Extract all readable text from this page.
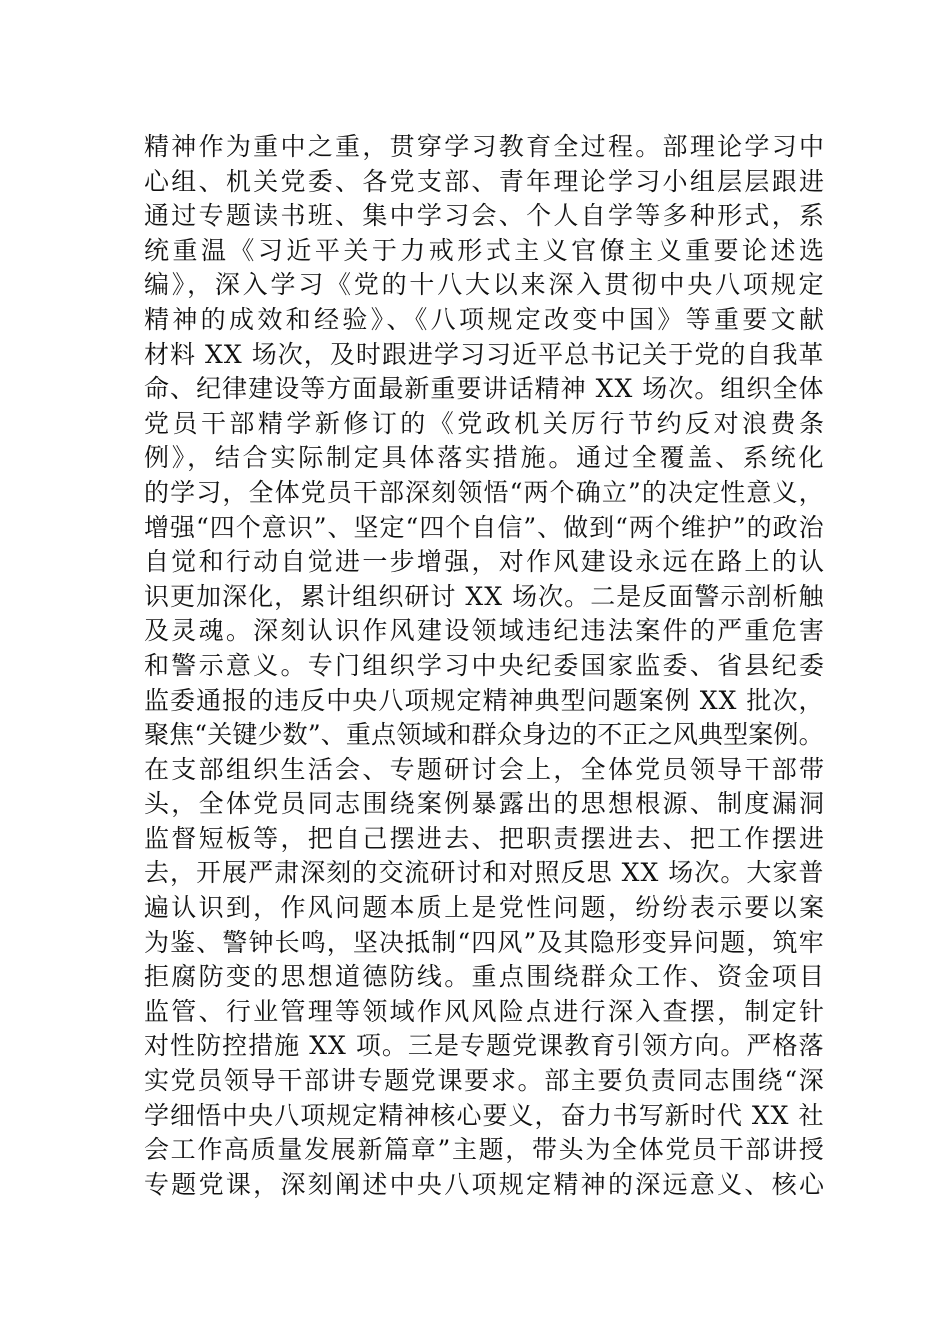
精神作为重中之重，贯穿学习教育全过程。部理论学习中
心组、机关党委、各党支部、青年理论学习小组层层跟进
通过专题读书班、集中学习会、个人自学等多种形式，系
统重温《习近平关于力戒形式主义官僚主义重要论述选
编》，深入学习《党的十八大以来深入贯彻中央八项规定
精神的成效和经验》、《八项规定改变中国》等重要文献
材料 XX 场次，及时跟进学习习近平总书记关于党的自我革
命、纪律建设等方面最新重要讲话精神 XX 场次。组织全体
党员干部精学新修订的《党政机关厉行节约反对浪费条
例》，结合实际制定具体落实措施。通过全覆盖、系统化
的学习，全体党员干部深刻领悟“两个确立”的决定性意义，
增强“四个意识”、坚定“四个自信”、做到“两个维护”的政治
自觉和行动自觉进一步增强，对作风建设永远在路上的认
识更加深化，累计组织研讨 XX 场次。二是反面警示剖析触
及灵魂。深刻认识作风建设领域违纪违法案件的严重危害
和警示意义。专门组织学习中央纪委国家监委、省县纪委
监委通报的违反中央八项规定精神典型问题案例 XX 批次，
聚焦“关键少数”、重点领域和群众身边的不正之风典型案例。
在支部组织生活会、专题研讨会上，全体党员领导干部带
头，全体党员同志围绕案例暴露出的思想根源、制度漏洞
监督短板等，把自己摆进去、把职责摆进去、把工作摆进
去，开展严肃深刻的交流研讨和对照反思 XX 场次。大家普
遍认识到，作风问题本质上是党性问题，纷纷表示要以案
为鉴、警钟长鸣，坚决抵制“四风”及其隐形变异问题，筑牢
拒腐防变的思想道德防线。重点围绕群众工作、资金项目
监管、行业管理等领域作风风险点进行深入查摆，制定针
对性防控措施 XX 项。三是专题党课教育引领方向。严格落
实党员领导干部讲专题党课要求。部主要负责同志围绕“深
学细悟中央八项规定精神核心要义，奋力书写新时代 XX 社
会工作高质量发展新篇章”主题，带头为全体党员干部讲授
专题党课，深刻阐述中央八项规定精神的深远意义、核心
